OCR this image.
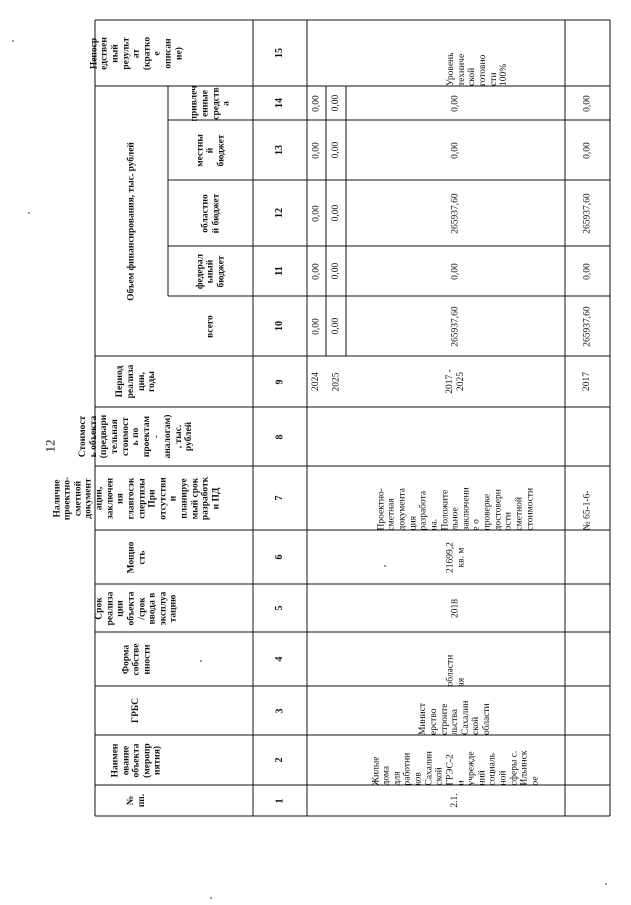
12
№ пп.
Наимен ование объекта (меропр иятия)
ГРБС
Форма собстве нности
Срок реализа ции объекта /срок ввода в эксплуа тацию
Мощно сть
Наличие проектно- сметной документ ации, заключен ия главгосэк спертизы При отсутстви и планируе мый срок разработк и ПД
Стоимост ь объекта (предвари тельная стоимост ь по проектам - аналогам) , тыс. рублей
Период реализа ции, годы
Непоср едствен ный результ ат (кратко e описан ие)
Объем финансирования, тыс. рублей
всего
федерал ьный бюджет
областно й бюджет
местны й бюджет
привлеч енные средств а
1
2
3
4
5
6
7
8
9
10
11
12
13
14
15
2024
0,00
0,00
0,00
0,00
0,00
2025
0,00
0,00
0,00
0,00
0,00
2.1.
Жилые дома для работни ков Сахалин ской ГРЭС-2 и учрежде ний социаль ной сферы с. Ильинск ое
Минист ерство строите льства Сахалин ской области
областн ая
2018
21699,2 кв. м
Проектно- сметная документа ция разработа на. Положите льное заключени е о проверке достоверн ости сметной стоимости
2017 - 2025
265937,60
0,00
265937,60
0,00
0,00
Уровень техниче ской готовно сти 100%
№ 65-1-6-
2017
265937,60
0,00
265937,60
0,00
0,00
